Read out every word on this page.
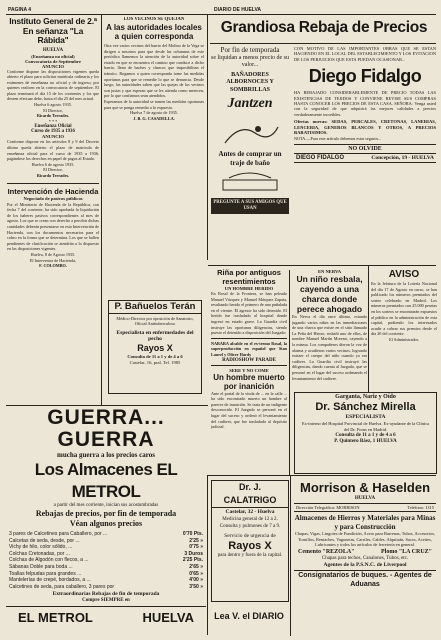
PAGINA 4	DIARIO DE HUELVA
Instituto General de 2.ª En señanza "La Rábida"
HUELVA
(Enseñanza no oficial)
Convocatoria de Septiembre
ANUNCIO

Conforme dispone las disposiciones vigentes queda abierto el plazo para solicitar matrícula ordinaria y los exámenes de enseñanza no oficial y de ingreso, por quienes realicen en la convocatoria de septiembre. El plazo terminará el día 15 de los corrientes y los que deseen efectuar debe, hasta el día 25 del mes actual.

Huelva 6 agosto 1935.
El Director,
Ricardo Terrades.
* * *
Enseñanza Oficial
Curso de 1935 a 1936
ANUNCIO

Conforme dispone en los artículos 8 y 9 del Decreto último queda abierto el plazo de matrícula de enseñanza oficial para el curso de 1935 a 1936, pagándose los derechos en papel de pagos al Estado.

Huelva 6 de agosto 1935.
El Director,
Ricardo Terrades.
Intervención de Hacienda
Negociado de pasivos públicos

Por el Ministerio de Hacienda de la República, con fecha 7 del corriente, ha sido aprobada la liquidación de los haberes pasivos correspondientes al mes de agosto. Los que se crean con derecho a percibir dichas cantidades deberán presentarse en esta Intervención de Hacienda, con los documentos necesarios para el cobro en la forma que se determina. Los que se hallen pendientes de clasificación se atendrán a lo dispuesto en las disposiciones vigentes.

Huelva, 8 de Agosto 1935.
El Interventor de Hacienda,
F. COLOMBO.
LOS VECINOS SE QUEJAN
A las autoridades locales a quien corresponda

Otra vez varios vecinos del barrio del Molino de la Vega se dirigen a nosotros para que desde las columnas de este periódico llamemos la atención de la autoridad sobre el estado en que se encuentra el camino que conduce a dicho barrio, lleno de baches y charcos que imposibilitan el tránsito. Rogamos a quien corresponda tome las medidas oportunas para que se remedie lo que se denuncia. Desde luego, las autoridades saben que las quejas de los vecinos son justas y que esperan que se les atienda como merecen, por lo que confiamos sean atendidos.

Esperamos de la autoridad se tomen las medidas oportunas para que se ponga remedio a lo expuesto.

Huelva 7 de agosto de 1935.
J. B. G. CASADELLA.
P. Bañuelos Terán
Médico-Director por oposición de Sanatorio, Oficial Antituberculoso
Especialista en enfermedades del pecho
Rayos X
Consulta de 11 a 1 y de 4 a 6
Castelar, 16, pral. Tel. 1985
GUERRA... GUERRA
mucha guerra a los precios caros
Los Almacenes EL METROL
a partir del mes corriente, inician sus acostumbradas
Rebajas de precios, por fin de temporada
Véan algunos precios
3 pares de Calcetines para Caballero, por ...	0'70 Pts.
Calcetas de seda, desde, por ...	2'25 »
Vichy de hilo, color sólido, ...	0'75 »
Colchas Cretonadas, por ...	3 Duros
Colchas de Algodón con flecos, a ...	2'25 Pts.
Sábanas Doble para boda ...	2'65 »
Toallas felpudas para grandes ...	0'65 »
Mantelerías de crepé, bordados, a ...	4'00 »
Calcetines de seda, para caballero, 3 pares por	3'50 »
Extraordinarias Rebajas de fin de temporada
Compre SIEMPRE en
EL METROL	HUELVA
Grandiosa Rebaja de Precios
Por fin de temporada
se liquidan a menos precio de su valor...
BAÑADORES ALBORNOCES Y SOMBRILLAS
Jantzen
Antes de comprar un traje de baño
PREGUNTE A SUS AMIGOS QUE USAN

CON MOTIVO DE LAS IMPORTANTES OBRAS QUE SE ESTAN HACIENDO EN EL LOCAL DEL ESTABLECIMIENTO Y LOS EVITACION DE LOS PERJUICIOS QUE ESTA PUEDAN OCASIONAR...

Diego Fidalgo

HA REBAJADO CONSIDERABLEMENTE DE PRECIO TODAS LAS EXISTENCIAS DE TEJIDOS Y CONVIENE REVISE SUS COMPRAS HASTA CONOCER LOS PRECIOS DE ESTA CASA. SEÑORA: Venga usted con la seguridad de que adquirirá las mejores calidades a precios verdaderamente increíbles.

Ofertas nuevas: SEDAS, PERCALES, CRETONAS, LANERIAS, LENCERIA, GENEROS BLANCOS Y OTROS, A PRECIOS BARATISIMOS.

NOTA.—Para este artículo debemos estar seguros...

NO OLVIDE
DIEGO FIDALGO	Concepción, 19 - HUELVA
Riña por antiguos resentimientos
UN HOMBRE HERIDO

En Rosal de la Frontera, se han peleado Manuel Vázquez y Manuel Márquez Zapata, resultando herido el primero de una puñalada en el vientre. El agresor ha sido detenido. El herido fue trasladado al hospital donde ingresó en estado grave. La Guardia civil instruye las oportunas diligencias, siendo puesto el detenido a disposición del Juzgado.

NABARA alcalde en el ex-tremo Rosal, la superproducción en español que Stan Laurel y Oliver Hardy

RADIOSHOW PARADE
SERE Y NO COME
Un hombre muerto por inanición

Ante el portal de la viuda de ... en la calle ... ha sido encontrado muerto un hombre al parecer de inanición. Se trata de un indigente desconocido. El Juzgado se personó en el lugar del suceso y ordenó el levantamiento del cadáver, que fue trasladado al depósito judicial.

EN NERVA
Un niño resbala, cayendo a una charca donde perece ahogado

En Nerva el día once último, estando jugando varios niños en las inmediaciones de una charca que existe en el sitio llamado La Peña del Hierro, resbaló uno de ellos, de nombre Manuel Martín Moreno, cayendo a la misma. Los compañeros dieron la voz de alarma y acudieron varios vecinos, logrando extraer el cuerpo del niño cuando ya era cadáver. La Guardia civil instruyó las diligencias, dando cuenta al Juzgado, que se personó en el lugar del suceso ordenando el levantamiento del cadáver.

AVISO

En la Jefatura de la Lotería Nacional del día 17 de Agosto en curso, se han publicado los números premiados del sorteo celebrado en Madrid. Los números premiados con 25.000 pesetas en los sorteos se encontrarán expuestos al público en la administración de esta capital, pudiendo los interesados acudir a cobrar sus premios desde el día 20 del corriente.

El Administrador,
Garganta, Nariz y Oído
Dr. Sánchez Mirella
ESPECIALISTA
Ex-interno del Hospital Provincial de Huelva. Ex-ayudante de la Clínica del Dr. Forns en Madrid.
Consulta de 11 a 1 y de 4 a 6
P. Quintero Báez, 1 HUELVA
Dr. J. CALATRIGO
Castelar, 32 - Huelva
Medicina general de 12 a 2.
Consulta y pulmones de 7 a 9.
Servicio de urgencia de
Rayos X
para dentro y fuera de la capital.
Lea V. el DIARIO
Morrison & Haselden
HUELVA
Dirección Telegráfica: MORRISON	Teléfono: 1315
Almacenes de Hierros y Materiales para Minas y para Construcción

Chapas, Vigas, Lingotes de Fundición, Acero para Barrenas, Tubos, Accesorios, Tornillos, Remaches, Vagonetas, Carriles, Cables, Alquitrán, Sacos, Aceites, Lubricantes y todos los artículos de ferretería en general.

Cemento "REZOLA"	Plomo "LA CRUZ"
Chapas para techos, Canalones, Tubos, etc.
Agentes de la P.S.N.C. de Liverpool
Consignatarios de buques. - Agentes de Aduanas
